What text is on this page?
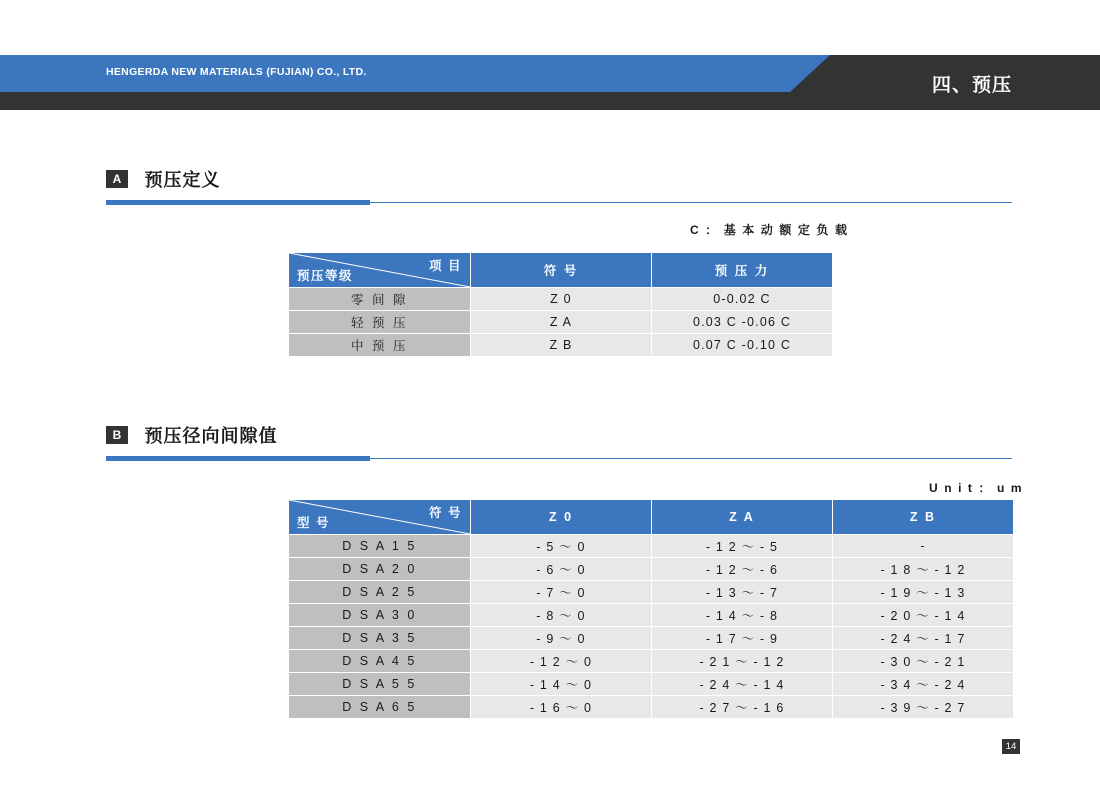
HENGERDA NEW MATERIALS (FUJIAN) CO., LTD.
四、预压
A 预压定义
C ： 基 本 动 额 定 负 载
项 目
预压等级	符 号	预 压 力
零 间 隙	Z 0	0-0.02 C
轻 预 压	Z A	0.03 C -0.06 C
中 预 压	Z B	0.07 C -0.10 C
B 预压径向间隙值
U n i t ： u m
符 号
型 号	Z 0	Z A	Z B
D S A 1 5	- 5 ～ 0	- 1 2 ～ - 5	-
D S A 2 0	- 6 ～ 0	- 1 2 ～ - 6	- 1 8 ～ - 1 2
D S A 2 5	- 7 ～ 0	- 1 3 ～ - 7	- 1 9 ～ - 1 3
D S A 3 0	- 8 ～ 0	- 1 4 ～ - 8	- 2 0 ～ - 1 4
D S A 3 5	- 9 ～ 0	- 1 7 ～ - 9	- 2 4 ～ - 1 7
D S A 4 5	- 1 2 ～ 0	- 2 1 ～ - 1 2	- 3 0 ～ - 2 1
D S A 5 5	- 1 4 ～ 0	- 2 4 ～ - 1 4	- 3 4 ～ - 2 4
D S A 6 5	- 1 6 ～ 0	- 2 7 ～ - 1 6	- 3 9 ～ - 2 7
14
